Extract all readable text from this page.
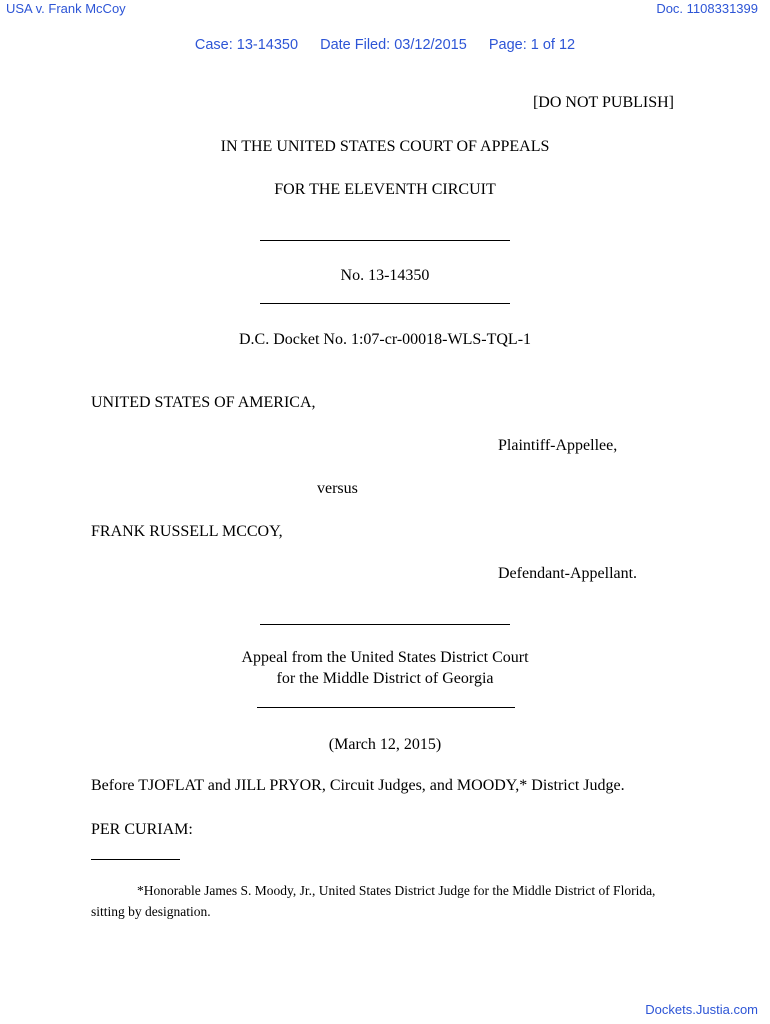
USA v. Frank McCoy	Doc. 1108331399
Case: 13-14350 Date Filed: 03/12/2015 Page: 1 of 12
[DO NOT PUBLISH]
IN THE UNITED STATES COURT OF APPEALS
FOR THE ELEVENTH CIRCUIT
No. 13-14350
D.C. Docket No. 1:07-cr-00018-WLS-TQL-1
UNITED STATES OF AMERICA,
Plaintiff-Appellee,
versus
FRANK RUSSELL MCCOY,
Defendant-Appellant.
Appeal from the United States District Court
for the Middle District of Georgia
(March 12, 2015)
Before TJOFLAT and JILL PRYOR, Circuit Judges, and MOODY,* District Judge.
PER CURIAM:
*Honorable James S. Moody, Jr., United States District Judge for the Middle District of Florida, sitting by designation.
Dockets.Justia.com
